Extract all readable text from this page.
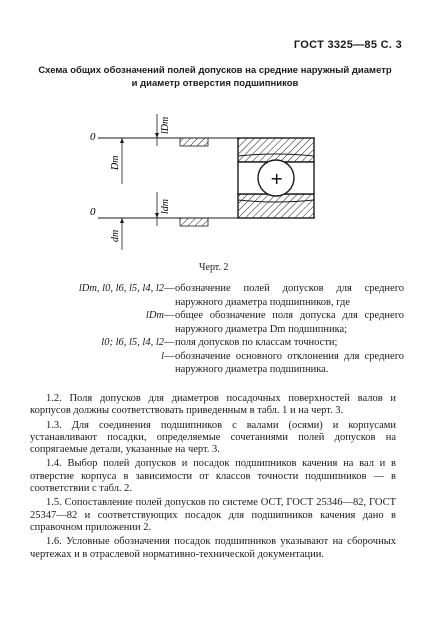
ГОСТ 3325—85 С. 3
Схема общих обозначений полей допусков на средние наружный диаметр
и диаметр отверстия подшипников
0
0
lDm
Dm
ldm
dm
+
Черт. 2
lDm, l0, l6, l5, l4, l2 — обозначение полей допусков для среднего наружного диаметра подшипников, где
lDm — общее обозначение поля допуска для среднего наружного диаметра Dm подшипника;
l0; l6, l5, l4, l2 — поля допусков по классам точности;
l — обозначение основного отклонения для среднего наружного диаметра подшипника.

1.2. Поля допусков для диаметров посадочных поверхностей валов и корпусов должны соответствовать приведенным в табл. 1 и на черт. 3.

1.3. Для соединения подшипников с валами (осями) и корпусами устанавливают посадки, определяемые сочетаниями полей допусков на сопрягаемые детали, указанные на черт. 3.

1.4. Выбор полей допусков и посадок подшипников качения на вал и в отверстие корпуса в зависимости от классов точности подшипников — в соответствии с табл. 2.

1.5. Сопоставление полей допусков по системе ОСТ, ГОСТ 25346—82, ГОСТ 25347—82 и соответствующих посадок для подшипников качения дано в справочном приложении 2.

1.6. Условные обозначения посадок подшипников указывают на сборочных чертежах и в отраслевой нормативно-технической документации.
